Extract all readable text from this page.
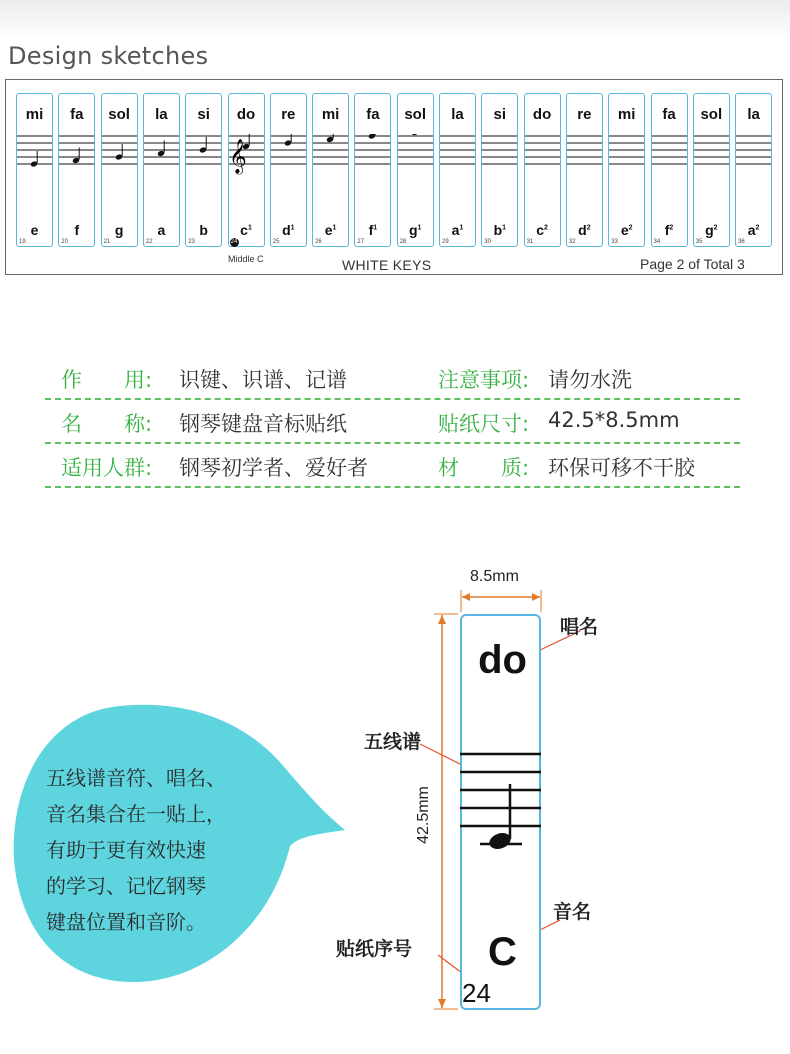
Design sketches
Middle C	WHITE KEYS	Page 2 of Total 3
mi
e
19
fa
f
20
sol
g
21
la
a
22
si
b
23
do
𝄞
$c^1$
24
re
$d^1$
25
mi
$e^1$
26
fa
$f^1$
27
sol
$g^1$
28
la
$a^1$
29
si
$b^1$
30
do
$c^2$
31
re
$d^2$
32
mi
$e^2$
33
fa
$f^2$
34
sol
$g^2$
35
la
$a^2$
36
作　　用: 识键、识谱、记谱	注意事项: 请勿水洗
名　　称: 钢琴键盘音标贴纸	贴纸尺寸: 42.5*8.5mm
适用人群: 钢琴初学者、爱好者	材　　质: 环保可移不干胶
五线谱音符、唱名、
音名集合在一贴上，
有助于更有效快速
的学习、记忆钢琴
键盘位置和音阶。
8.5mm
42.5mm
do
C
24
唱名
五线谱
音名
贴纸序号
